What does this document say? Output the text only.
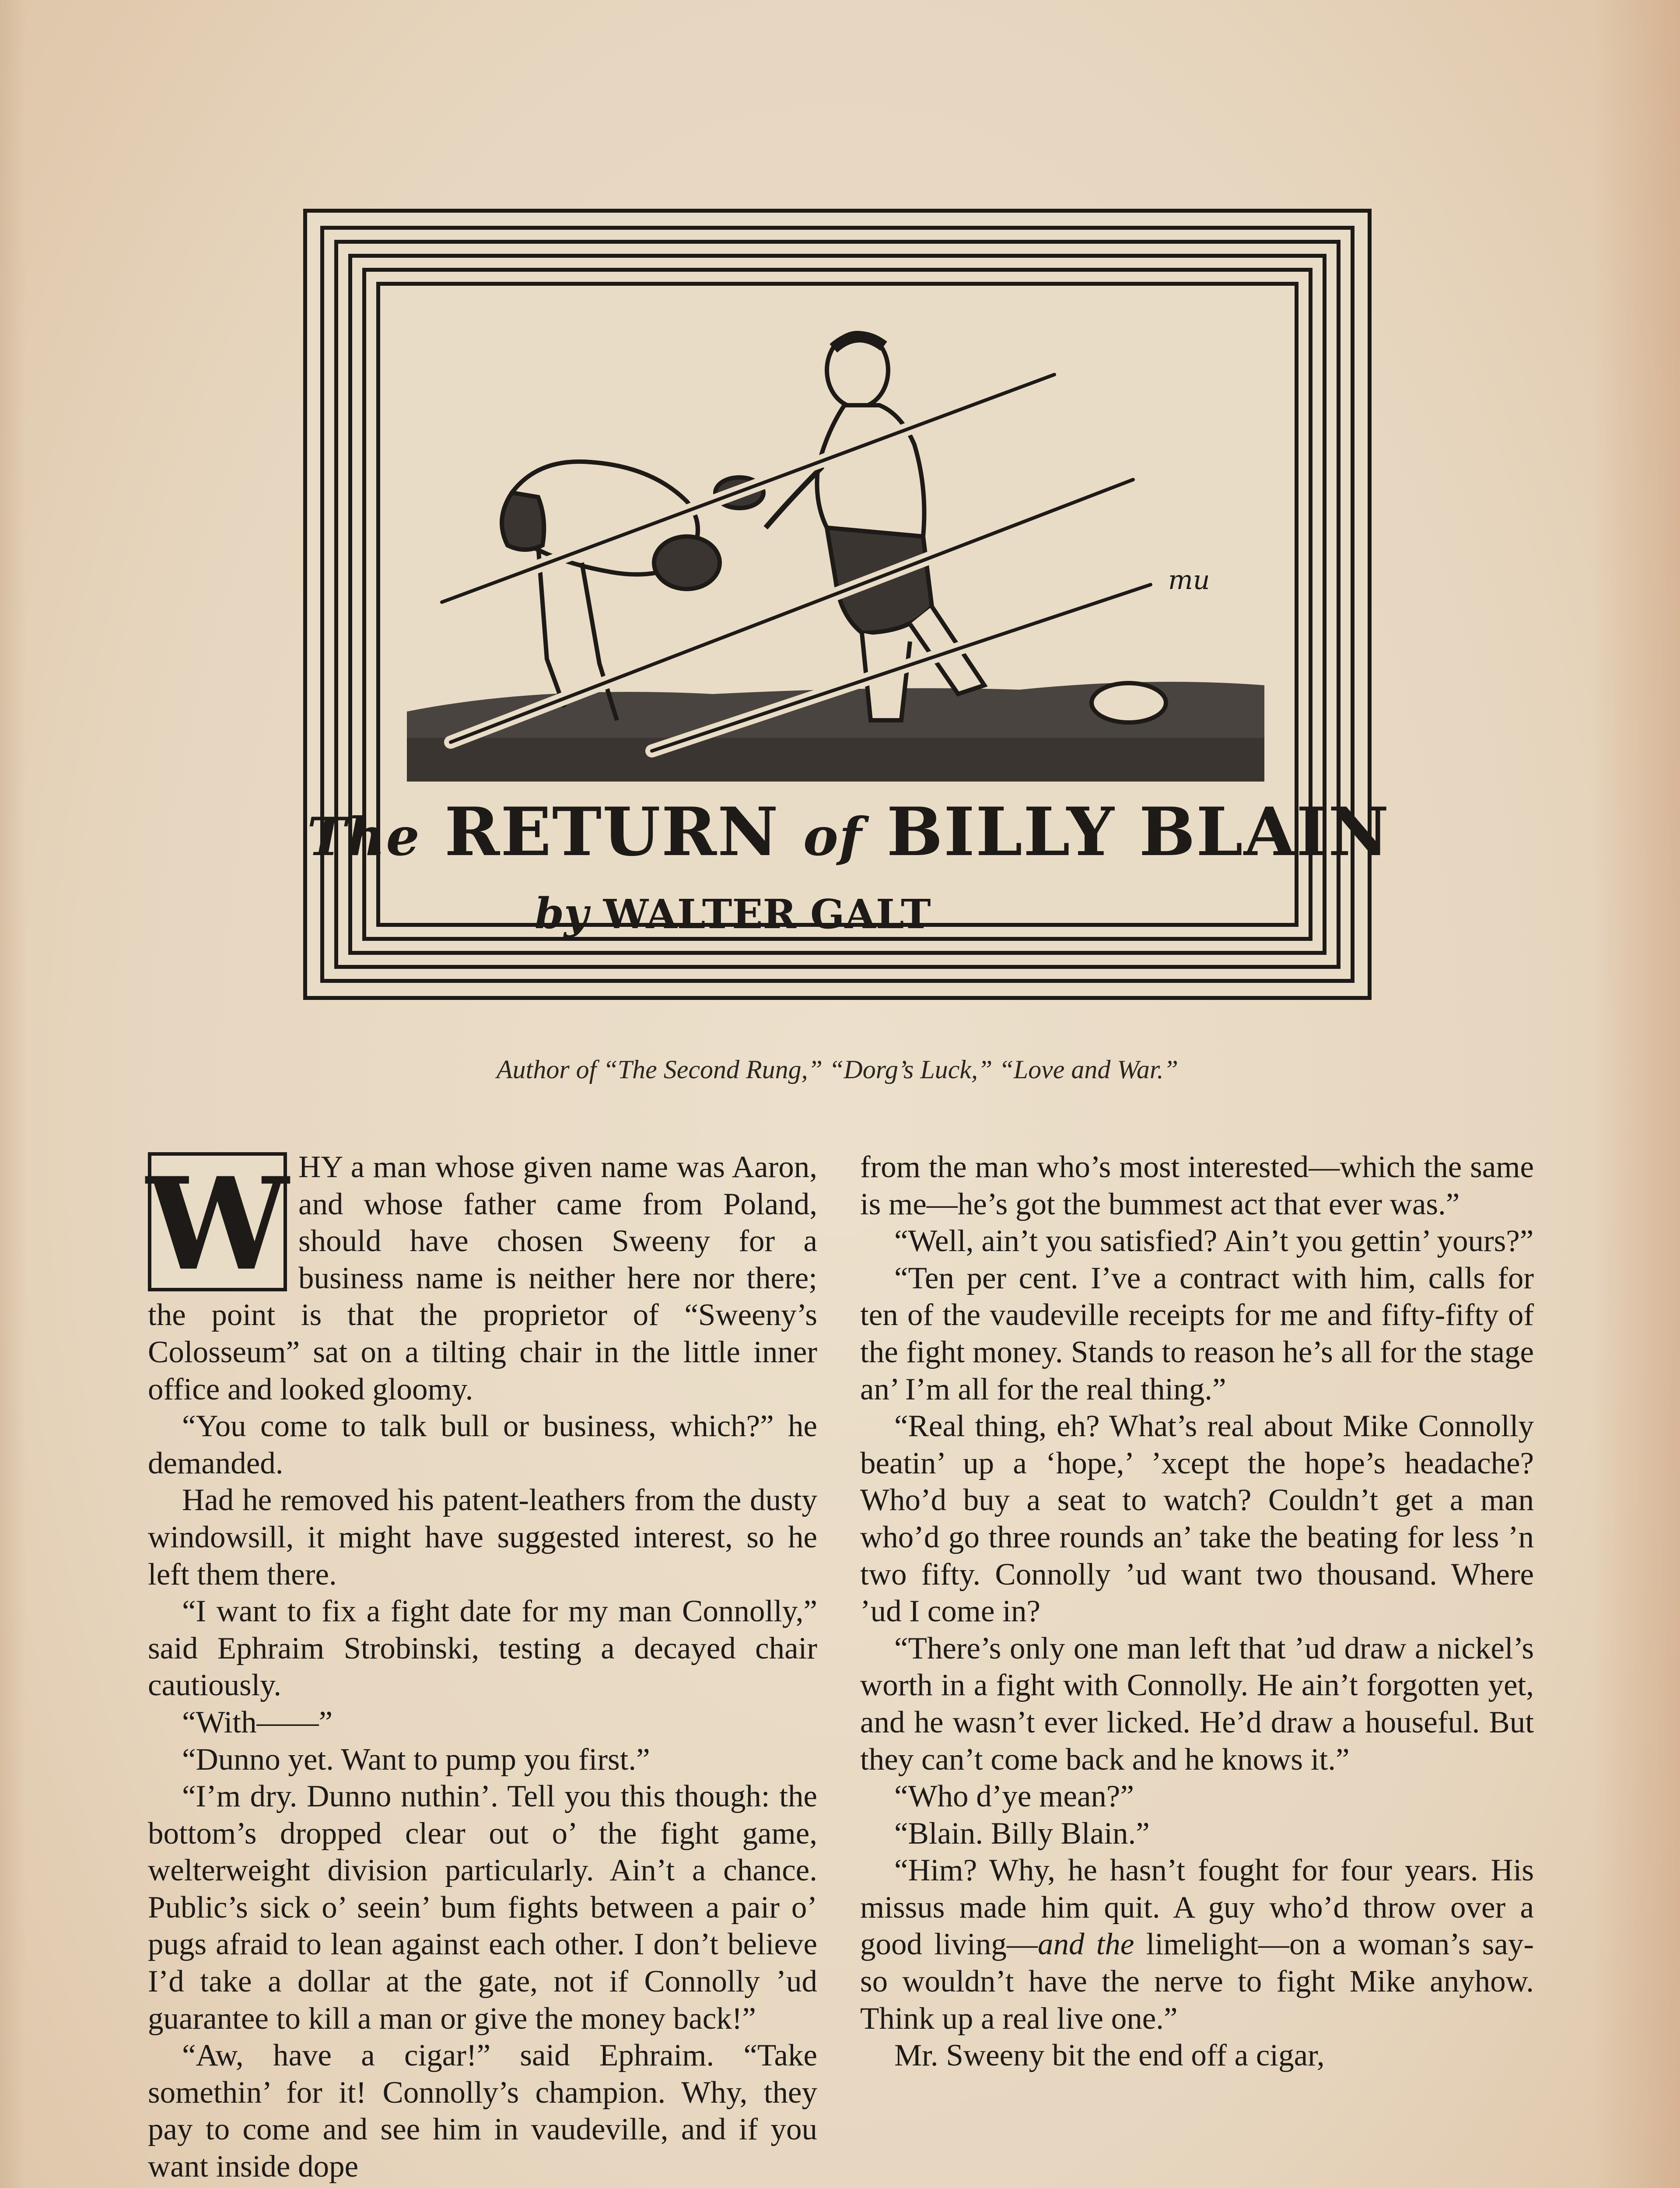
mu
The RETURN of BILLY BLAIN
by WALTER GALT
Author of “The Second Rung,” “Dorg’s Luck,” “Love and War.”
W HY a man whose given name was Aaron, and whose father came from Poland, should have chosen Sweeny for a business name is neither here nor there; the point is that the proprietor of “Sweeny’s Colosseum” sat on a tilting chair in the little inner office and looked gloomy.

“You come to talk bull or business, which?” he demanded.

Had he removed his patent-leathers from the dusty windowsill, it might have suggested interest, so he left them there.

“I want to fix a fight date for my man Connolly,” said Ephraim Strobinski, testing a decayed chair cautiously.

“With——”

“Dunno yet. Want to pump you first.”

“I’m dry. Dunno nuthin’. Tell you this though: the bottom’s dropped clear out o’ the fight game, welterweight division particularly. Ain’t a chance. Public’s sick o’ seein’ bum fights between a pair o’ pugs afraid to lean against each other. I don’t believe I’d take a dollar at the gate, not if Connolly ’ud guarantee to kill a man or give the money back!”

“Aw, have a cigar!” said Ephraim. “Take somethin’ for it! Connolly’s champion. Why, they pay to come and see him in vaudeville, and if you want inside dope

from the man who’s most interested—which the same is me—he’s got the bummest act that ever was.”

“Well, ain’t you satisfied? Ain’t you gettin’ yours?”

“Ten per cent. I’ve a contract with him, calls for ten of the vaudeville receipts for me and fifty-fifty of the fight money. Stands to reason he’s all for the stage an’ I’m all for the real thing.”

“Real thing, eh? What’s real about Mike Connolly beatin’ up a ‘hope,’ ’xcept the hope’s headache? Who’d buy a seat to watch? Couldn’t get a man who’d go three rounds an’ take the beating for less ’n two fifty. Connolly ’ud want two thousand. Where ’ud I come in?

“There’s only one man left that ’ud draw a nickel’s worth in a fight with Connolly. He ain’t forgotten yet, and he wasn’t ever licked. He’d draw a houseful. But they can’t come back and he knows it.”

“Who d’ye mean?”

“Blain. Billy Blain.”

“Him? Why, he hasn’t fought for four years. His missus made him quit. A guy who’d throw over a good living—and the limelight—on a woman’s say-so wouldn’t have the nerve to fight Mike anyhow. Think up a real live one.”

Mr. Sweeny bit the end off a cigar,
